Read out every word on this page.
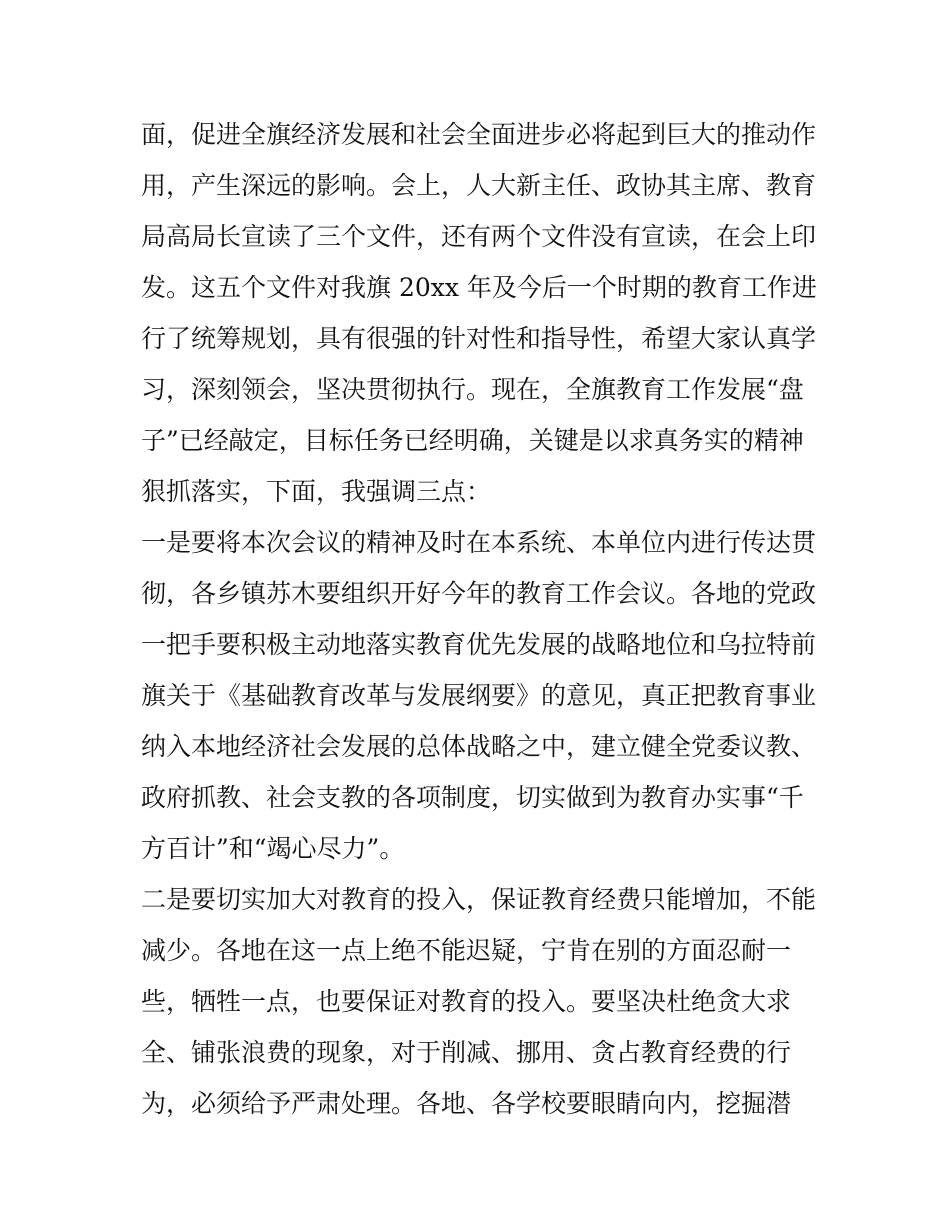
面，促进全旗经济发展和社会全面进步必将起到巨大的推动作
用，产生深远的影响。会上，人大新主任、政协其主席、教育
局高局长宣读了三个文件，还有两个文件没有宣读，在会上印
发。这五个文件对我旗 20xx 年及今后一个时期的教育工作进
行了统筹规划，具有很强的针对性和指导性，希望大家认真学
习，深刻领会，坚决贯彻执行。现在，全旗教育工作发展“盘
子”已经敲定，目标任务已经明确，关键是以求真务实的精神
狠抓落实，下面，我强调三点：
一是要将本次会议的精神及时在本系统、本单位内进行传达贯
彻，各乡镇苏木要组织开好今年的教育工作会议。各地的党政
一把手要积极主动地落实教育优先发展的战略地位和乌拉特前
旗关于《基础教育改革与发展纲要》的意见，真正把教育事业
纳入本地经济社会发展的总体战略之中，建立健全党委议教、
政府抓教、社会支教的各项制度，切实做到为教育办实事“千
方百计”和“竭心尽力”。
二是要切实加大对教育的投入，保证教育经费只能增加，不能
减少。各地在这一点上绝不能迟疑，宁肯在别的方面忍耐一
些，牺牲一点，也要保证对教育的投入。要坚决杜绝贪大求
全、铺张浪费的现象，对于削减、挪用、贪占教育经费的行
为，必须给予严肃处理。各地、各学校要眼睛向内，挖掘潜
